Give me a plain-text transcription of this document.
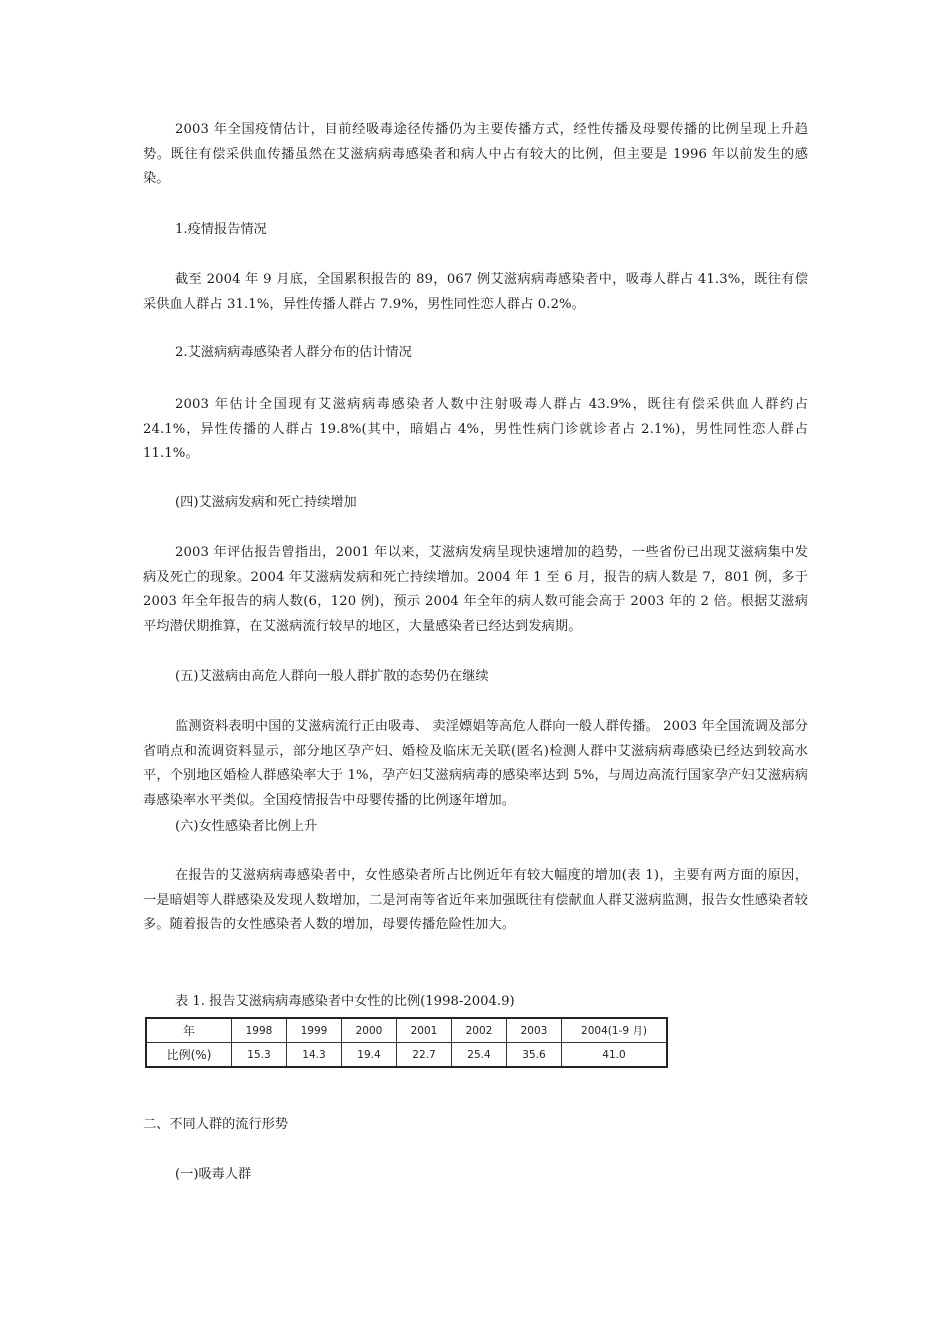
2003 年全国疫情估计，目前经吸毒途径传播仍为主要传播方式，经性传播及母婴传播的比例呈现上升趋势。既往有偿采供血传播虽然在艾滋病病毒感染者和病人中占有较大的比例，但主要是 1996 年以前发生的感染。

1.疫情报告情况

截至 2004 年 9 月底，全国累积报告的 89，067 例艾滋病病毒感染者中，吸毒人群占 41.3%，既往有偿采供血人群占 31.1%，异性传播人群占 7.9%，男性同性恋人群占 0.2%。

2.艾滋病病毒感染者人群分布的估计情况

2003 年估计全国现有艾滋病病毒感染者人数中注射吸毒人群占 43.9%，既往有偿采供血人群约占 24.1%，异性传播的人群占 19.8%(其中，暗娼占 4%，男性性病门诊就诊者占 2.1%)，男性同性恋人群占 11.1%。

(四)艾滋病发病和死亡持续增加

2003 年评估报告曾指出，2001 年以来，艾滋病发病呈现快速增加的趋势，一些省份已出现艾滋病集中发病及死亡的现象。2004 年艾滋病发病和死亡持续增加。2004 年 1 至 6 月，报告的病人数是 7，801 例，多于 2003 年全年报告的病人数(6，120 例)，预示 2004 年全年的病人数可能会高于 2003 年的 2 倍。根据艾滋病平均潜伏期推算，在艾滋病流行较早的地区，大量感染者已经达到发病期。

(五)艾滋病由高危人群向一般人群扩散的态势仍在继续

监测资料表明中国的艾滋病流行正由吸毒、 卖淫嫖娼等高危人群向一般人群传播。 2003 年全国流调及部分省哨点和流调资料显示，部分地区孕产妇、婚检及临床无关联(匿名)检测人群中艾滋病病毒感染已经达到较高水平，个别地区婚检人群感染率大于 1%，孕产妇艾滋病病毒的感染率达到 5%，与周边高流行国家孕产妇艾滋病病毒感染率水平类似。全国疫情报告中母婴传播的比例逐年增加。

(六)女性感染者比例上升

在报告的艾滋病病毒感染者中，女性感染者所占比例近年有较大幅度的增加(表 1)，主要有两方面的原因，一是暗娼等人群感染及发现人数增加，二是河南等省近年来加强既往有偿献血人群艾滋病监测，报告女性感染者较多。随着报告的女性感染者人数的增加，母婴传播危险性加大。

表 1. 报告艾滋病病毒感染者中女性的比例(1998-2004.9)

年	1998	1999	2000	2001	2002	2003	2004(1-9 月)
比例(%)	15.3	14.3	19.4	22.7	25.4	35.6	41.0

二、不同人群的流行形势

(一)吸毒人群
